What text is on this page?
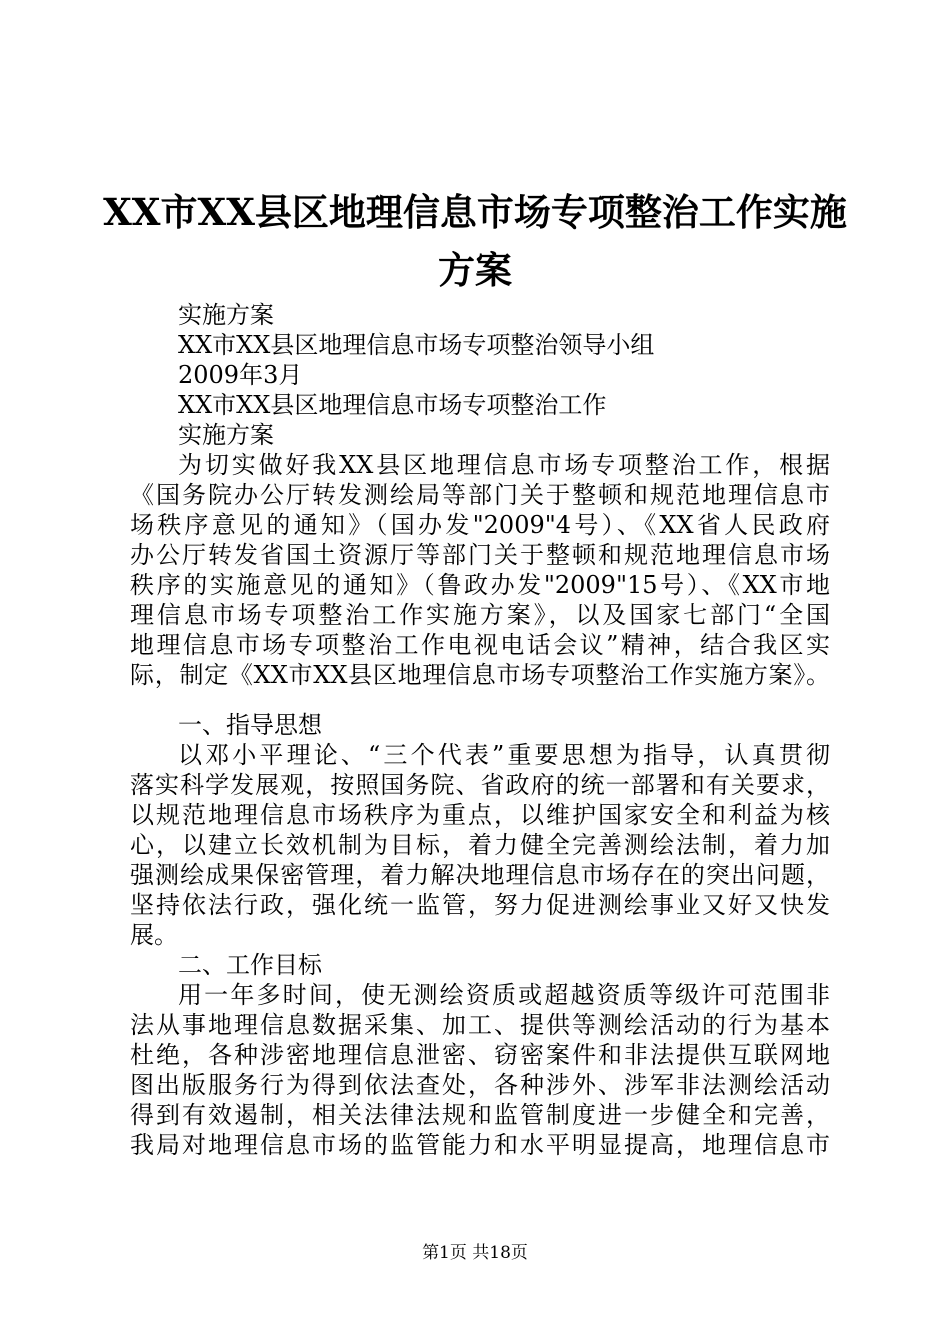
XX市XX县区地理信息市场专项整治工作实施
方案
实施方案
XX市XX县区地理信息市场专项整治领导小组
2009年3月
XX市XX县区地理信息市场专项整治工作
实施方案
为切实做好我XX县区地理信息市场专项整治工作，根据
《国务院办公厅转发测绘局等部门关于整顿和规范地理信息市
场秩序意见的通知》（国办发"2009"4号）、《XX省人民政府
办公厅转发省国土资源厅等部门关于整顿和规范地理信息市场
秩序的实施意见的通知》（鲁政办发"2009"15号）、《XX市地
理信息市场专项整治工作实施方案》，以及国家七部门“全国
地理信息市场专项整治工作电视电话会议”精神，结合我区实
际，制定《XX市XX县区地理信息市场专项整治工作实施方案》。
一、指导思想
以邓小平理论、“三个代表”重要思想为指导，认真贯彻
落实科学发展观，按照国务院、省政府的统一部署和有关要求，
以规范地理信息市场秩序为重点，以维护国家安全和利益为核
心，以建立长效机制为目标，着力健全完善测绘法制，着力加
强测绘成果保密管理，着力解决地理信息市场存在的突出问题，
坚持依法行政，强化统一监管，努力促进测绘事业又好又快发
展。
二、工作目标
用一年多时间，使无测绘资质或超越资质等级许可范围非
法从事地理信息数据采集、加工、提供等测绘活动的行为基本
杜绝，各种涉密地理信息泄密、窃密案件和非法提供互联网地
图出版服务行为得到依法查处，各种涉外、涉军非法测绘活动
得到有效遏制，相关法律法规和监管制度进一步健全和完善，
我局对地理信息市场的监管能力和水平明显提高，地理信息市
第1页 共18页
